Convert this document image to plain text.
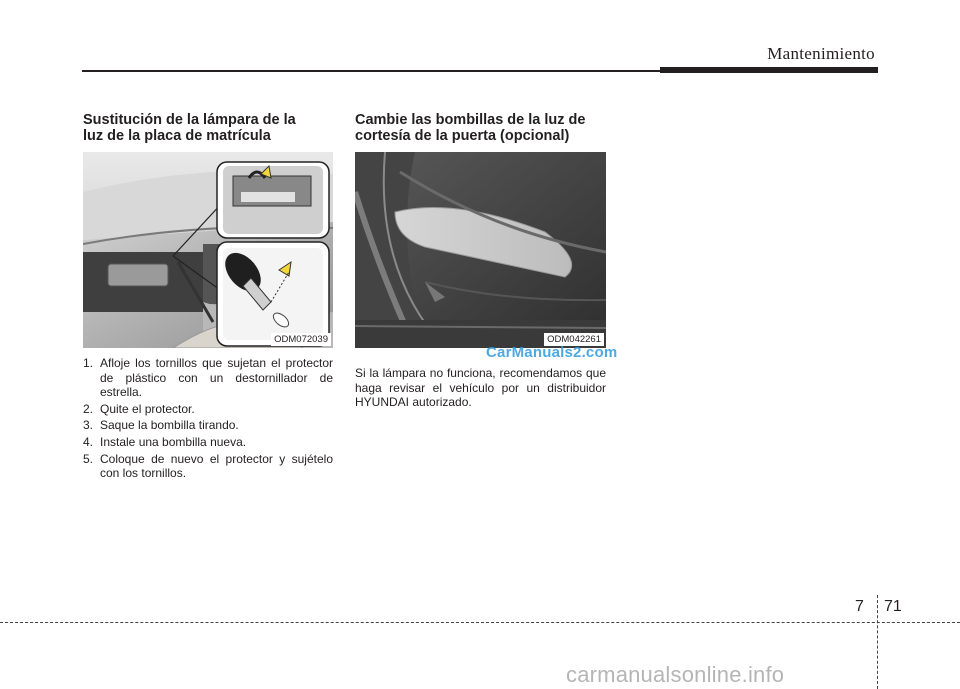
Mantenimiento
Sustitución de la lámpara de la
luz de la placa de matrícula
ODM072039
1. Afloje los tornillos que sujetan el protector de plástico con un destornillador de estrella.
2. Quite el protector.
3. Saque la bombilla tirando.
4. Instale una bombilla nueva.
5. Coloque de nuevo el protector y sujételo con los tornillos.
Cambie las bombillas de la luz de
cortesía de la puerta (opcional)
ODM042261
Si la lámpara no funciona, recomendamos que haga revisar el vehículo por un distribuidor HYUNDAI autorizado.
CarManuals2.com
7 71
carmanualsonline.info
